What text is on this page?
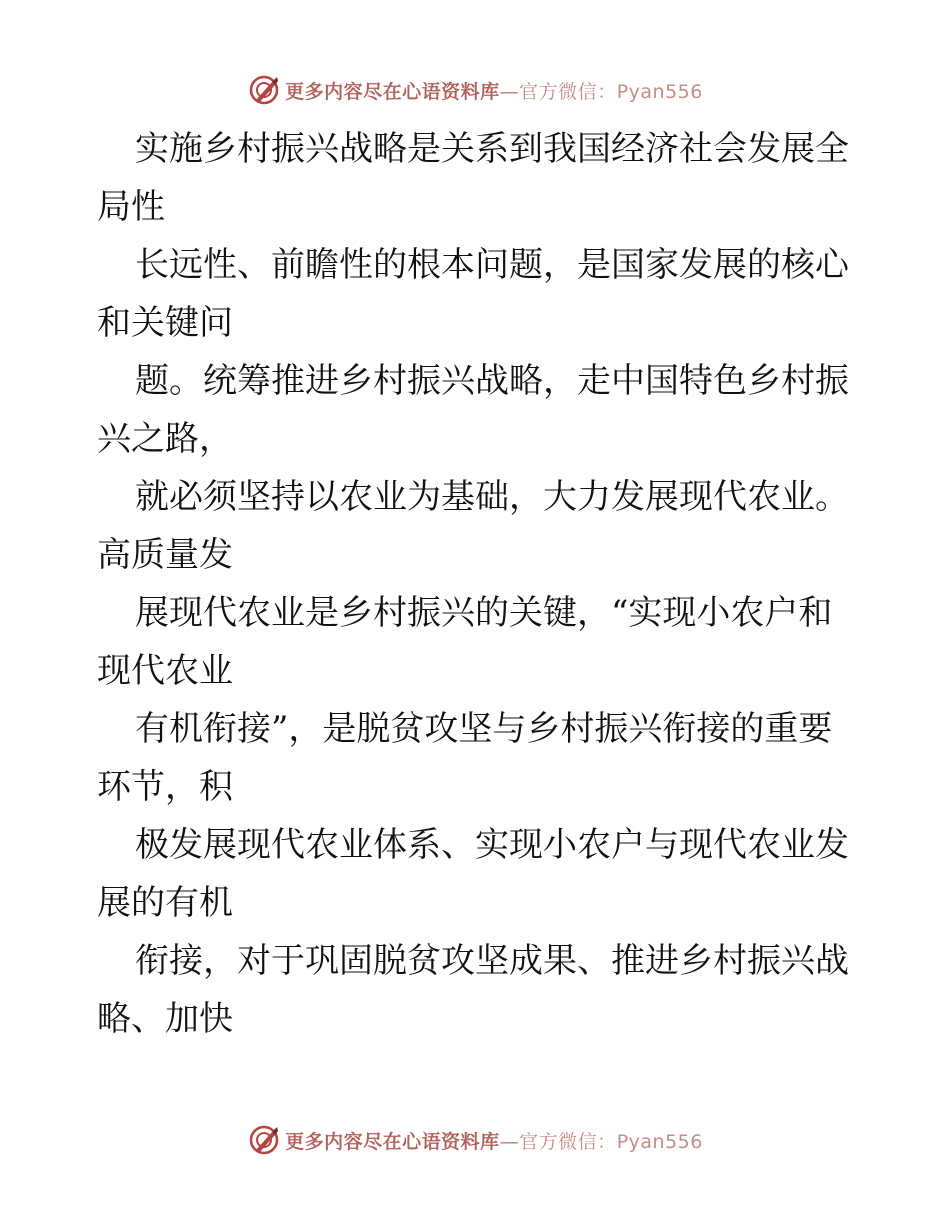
更多内容尽在心语资料库—官方微信：Pyan556

实施乡村振兴战略是关系到我国经济社会发展全
局性

长远性、前瞻性的根本问题，是国家发展的核心
和关键问

题。统筹推进乡村振兴战略，走中国特色乡村振
兴之路，

就必须坚持以农业为基础，大力发展现代农业。
高质量发

展现代农业是乡村振兴的关键，“实现小农户和
现代农业

有机衔接”，是脱贫攻坚与乡村振兴衔接的重要
环节，积

极发展现代农业体系、实现小农户与现代农业发
展的有机

衔接，对于巩固脱贫攻坚成果、推进乡村振兴战
略、加快

更多内容尽在心语资料库—官方微信：Pyan556
